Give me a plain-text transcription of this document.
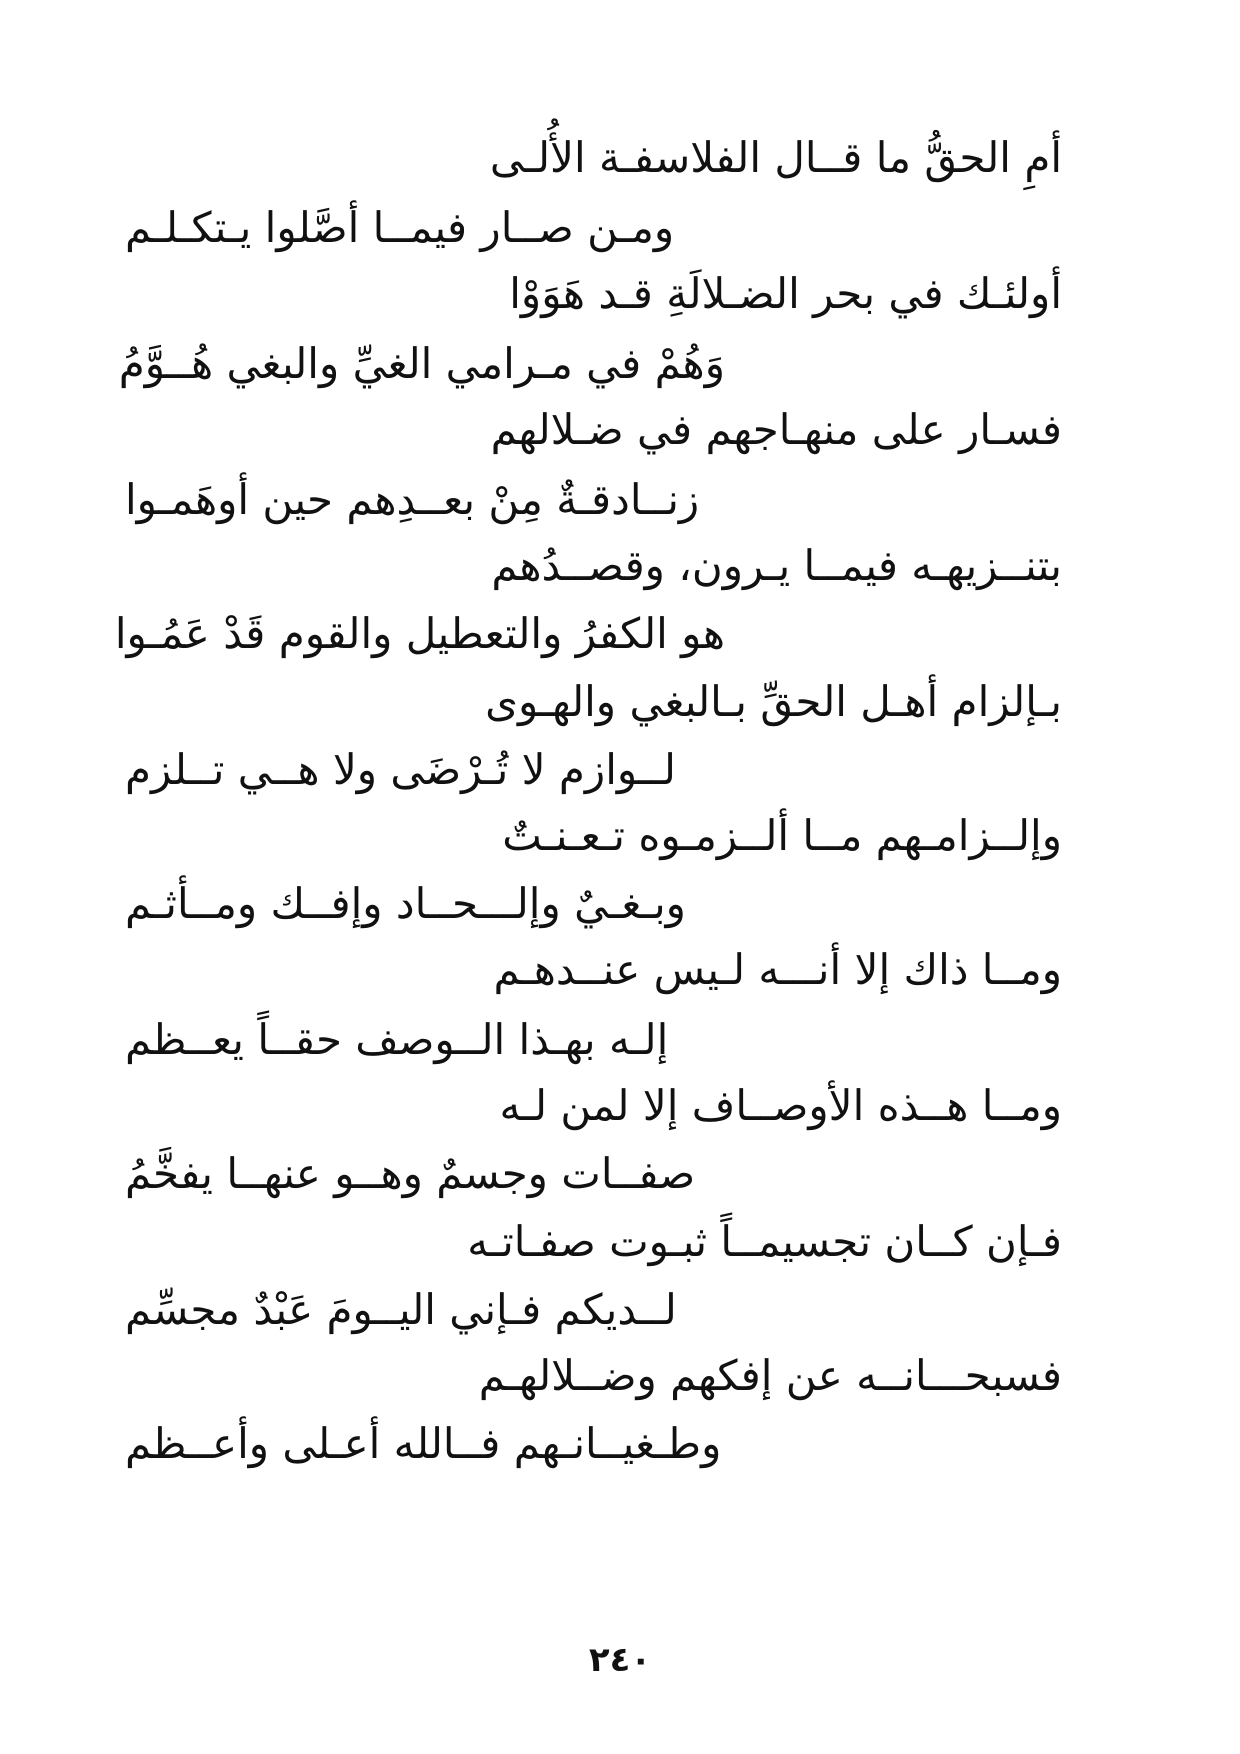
أمِ الحقُّ ما قــال الفلاسفـة الأُلـى
ومـن صــار فيمــا أصَّلوا يـتكـلـم
أولئـك في بحر الضـلالَةِ قـد هَوَوْا
وَهُمْ في مـرامي الغيِّ والبغي هُــوَّمُ
فسـار على منهـاجهم في ضـلالهم
زنــادقـةٌ مِنْ بعــدِهم حين أوهَمـوا
بتنــزيهـه فيمــا يـرون، وقصــدُهم
هو الكفرُ والتعطيل والقوم قَدْ عَمُـوا
بـإلزام أهـل الحقِّ بـالبغي والهـوى
لــوازم لا تُـرْضَى ولا هــي تــلزم
وإلــزامـهم مــا ألــزمـوه تـعـنـتٌ
وبـغـيٌ وإلـــحــاد وإفــك ومــأثـم
ومــا ذاك إلا أنـــه لـيس عنــدهـم
إلـه بهـذا الــوصف حقــاً يعــظم
ومــا هــذه الأوصــاف إلا لمن لـه
صفــات وجسمٌ وهــو عنهــا يفخَّمُ
فـإن كــان تجسيمــاً ثبـوت صفـاتـه
لــديكم فـإني اليــومَ عَبْدٌ مجسِّم
فسبحـــانــه عن إفكهم وضــلالهـم
وطـغيــانـهم فــالله أعـلى وأعــظم
٢٤٠
